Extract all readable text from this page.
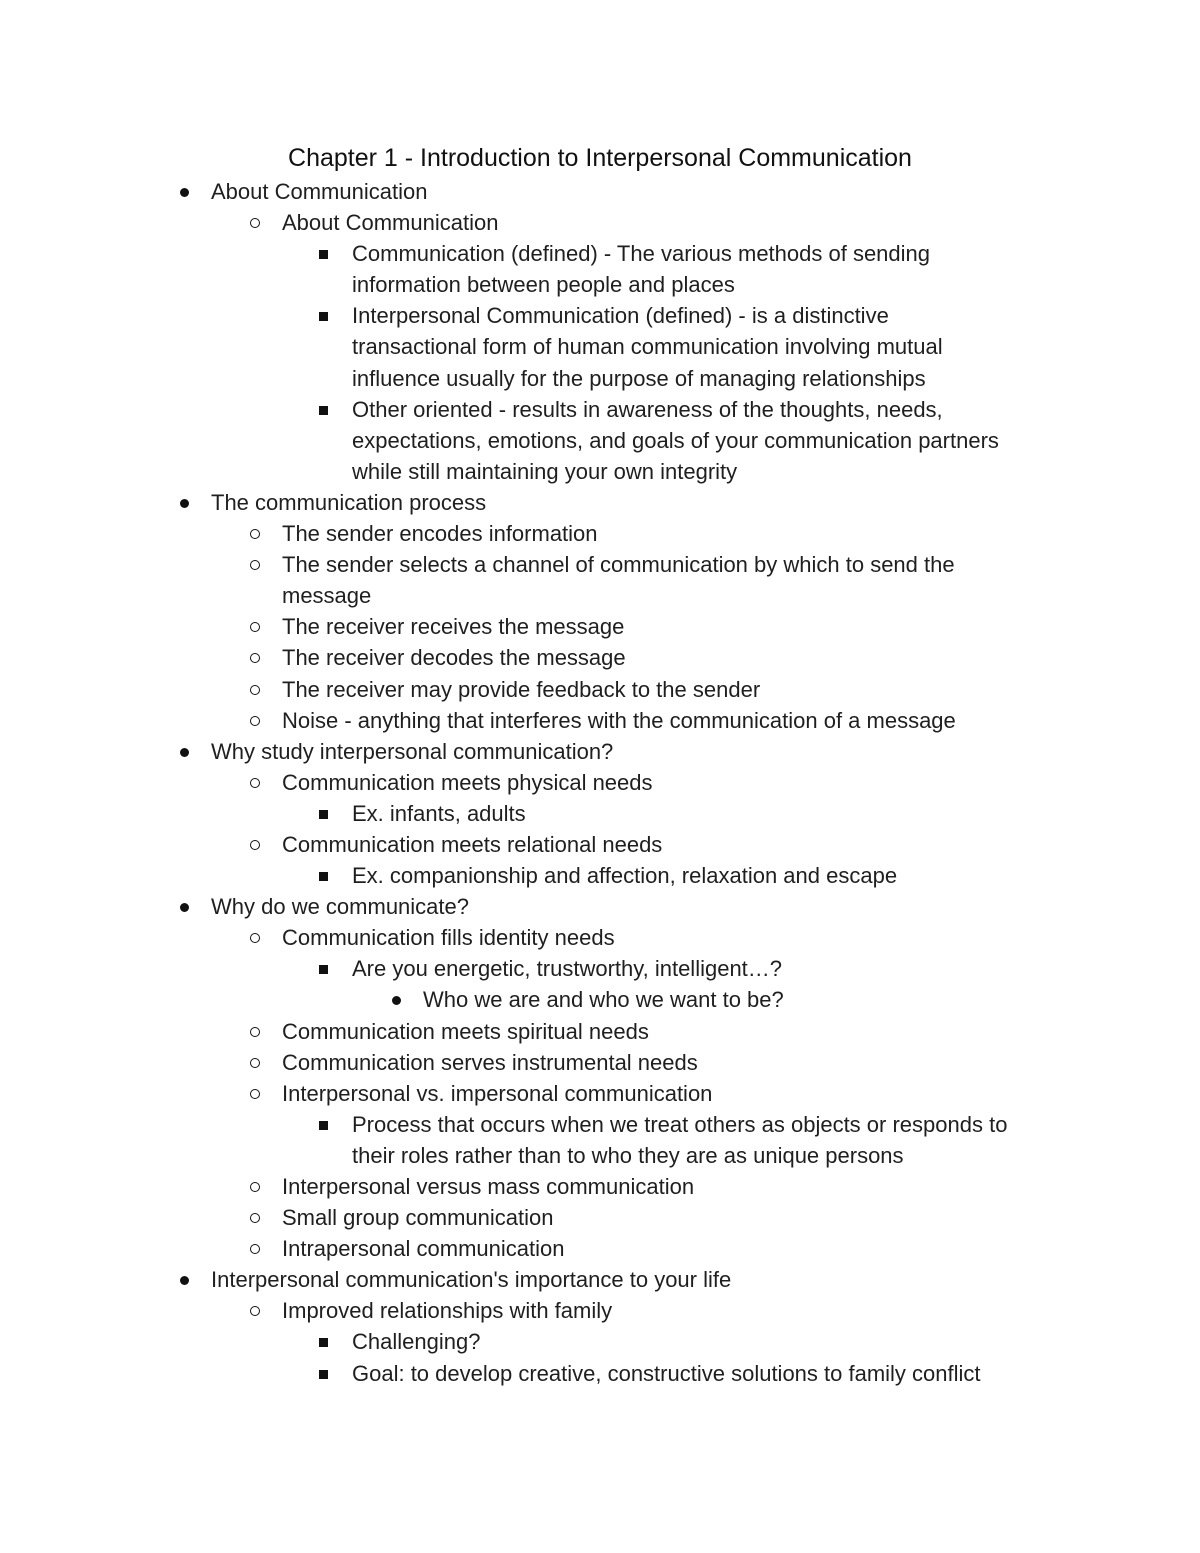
Chapter 1 - Introduction to Interpersonal Communication
About Communication

About Communication

Communication (defined) - The various methods of sending

information between people and places

Interpersonal Communication (defined) - is a distinctive

transactional form of human communication involving mutual

influence usually for the purpose of managing relationships

Other oriented - results in awareness of the thoughts, needs,

expectations, emotions, and goals of your communication partners

while still maintaining your own integrity

The communication process

The sender encodes information

The sender selects a channel of communication by which to send the

message

The receiver receives the message

The receiver decodes the message

The receiver may provide feedback to the sender

Noise - anything that interferes with the communication of a message

Why study interpersonal communication?

Communication meets physical needs

Ex. infants, adults

Communication meets relational needs

Ex. companionship and affection, relaxation and escape

Why do we communicate?

Communication fills identity needs

Are you energetic, trustworthy, intelligent…?

Who we are and who we want to be?

Communication meets spiritual needs

Communication serves instrumental needs

Interpersonal vs. impersonal communication

Process that occurs when we treat others as objects or responds to

their roles rather than to who they are as unique persons

Interpersonal versus mass communication

Small group communication

Intrapersonal communication

Interpersonal communication's importance to your life

Improved relationships with family

Challenging?

Goal: to develop creative, constructive solutions to family conflict
